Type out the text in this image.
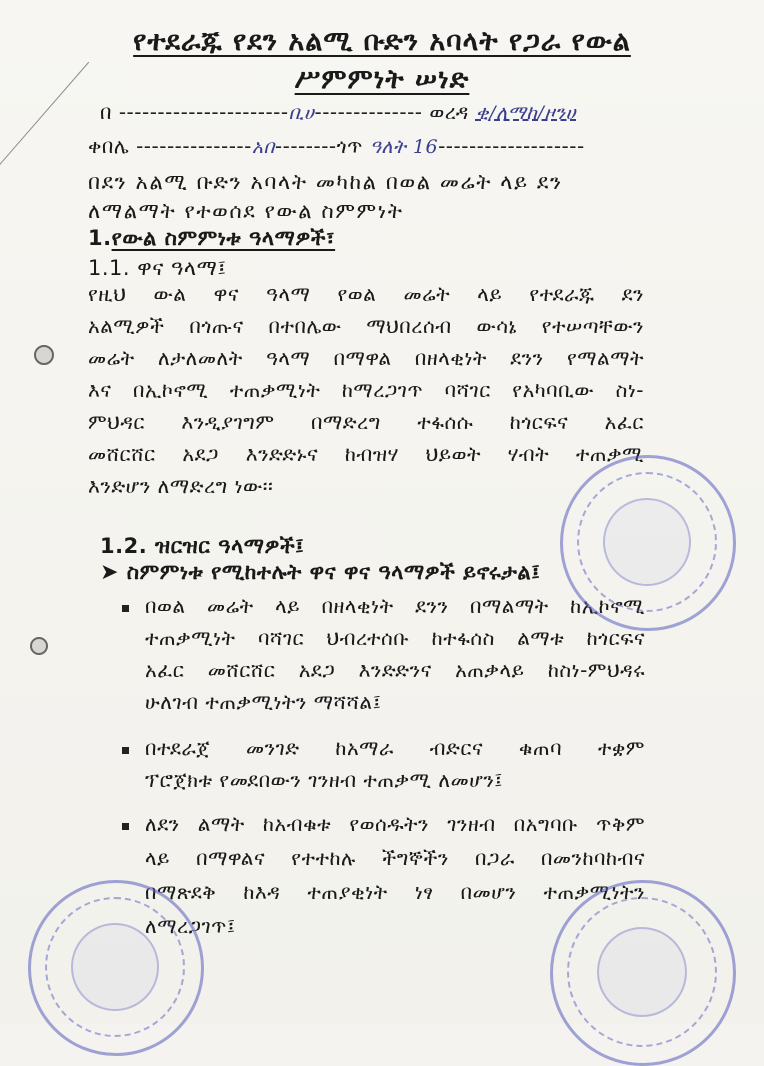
የተደራጁ የደን አልሚ ቡድን አባላት የጋራ የውል
ሥምምነት ሠነድ
በ ----------------------ቢሀ-------------- ወረዳ ቂ/ለማከ/ዞንሀ
ቀበሌ ---------------አበ--------ጎጥ ዓለት 16-------------------
በደን አልሚ ቡድን አባላት መካከል በወል መሬት ላይ ደን
ለማልማት የተወሰደ የውል ስምምነት
1.የውል ስምምነቱ ዓላማዎች፣
1.1. ዋና ዓላማ፤
የዚህ ውል ዋና ዓላማ የወል መሬት ላይ የተደራጁ ደን
አልሚዎች በጎጡና በተበሌው ማህበረሰብ ውሳኔ የተሠጣቸውን
መሬት ለታለመለት ዓላማ በማዋል በዘላቂነት ደንን የማልማት
እና በኢኮኖሚ ተጠቃሚነት ከማረጋገጥ ባሻገር የአካባቢው ስነ-
ምህዳር እንዲያገግም በማድረግ ተፋሰሱ ከጎርፍና አፈር
መሸርሸር አደጋ እንድድኑና ከብዝሃ ህይወት ሃብት ተጠቃሚ
እንድሆን ለማድረግ ነው፡፡
1.2. ዝርዝር ዓላማዎች፤
➤ ስምምነቱ የሚከተሉት ዋና ዋና ዓላማዎች ይኖሩታል፤
በወል መሬት ላይ በዘላቂነት ደንን በማልማት ከኢኮኖሚ
ተጠቃሚነት ባሻገር ህብረተሰቡ ከተፋሰስ ልማቱ ከጎርፍና
አፈር መሸርሸር አደጋ እንድድንና አጠቃላይ ከስነ-ምህዳሩ
ሁለገብ ተጠቃሚነትን ማሻሻል፤
በተደራጀ መንገድ ከአማራ ብድርና ቁጠባ ተቋም
ፕሮጀክቱ የመደበውን ገንዘብ ተጠቃሚ ለመሆን፤
ለደን ልማት ከአብቁቱ የወሰዱትን ገንዘብ በአግባቡ ጥቅም
ላይ በማዋልና የተተከሉ ችግኞችን በጋራ በመንከባከብና
በማጽደቅ ከእዳ ተጠያቂነት ነፃ በመሆን ተጠቃሚነትን
ለማረጋገጥ፤
